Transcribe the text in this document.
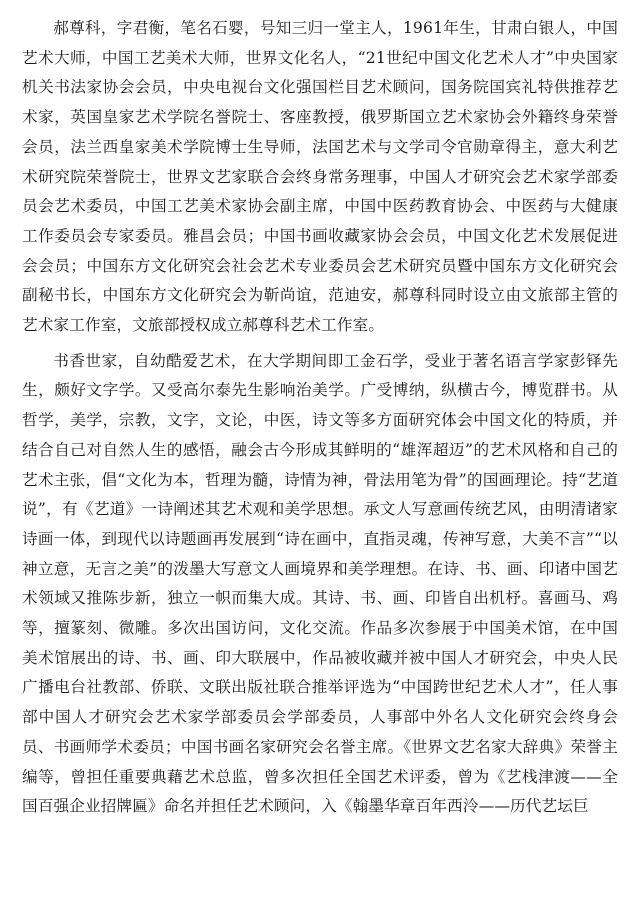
郝尊科，字君衡，笔名石婴，号知三归一堂主人，1961年生，甘肃白银人，中国艺术大师，中国工艺美术大师，世界文化名人，“21世纪中国文化艺术人才”中央国家机关书法家协会会员，中央电视台文化强国栏目艺术顾问，国务院国宾礼特供推荐艺术家，英国皇家艺术学院名誉院士、客座教授，俄罗斯国立艺术家协会外籍终身荣誉会员，法兰西皇家美术学院博士生导师，法国艺术与文学司令官勋章得主，意大利艺术研究院荣誉院士，世界文艺家联合会终身常务理事，中国人才研究会艺术家学部委员会艺术委员，中国工艺美术家协会副主席，中国中医药教育协会、中医药与大健康工作委员会专家委员。雅昌会员；中国书画收藏家协会会员，中国文化艺术发展促进会会员；中国东方文化研究会社会艺术专业委员会艺术研究员暨中国东方文化研究会副秘书长，中国东方文化研究会为靳尚谊，范迪安，郝尊科同时设立由文旅部主管的艺术家工作室，文旅部授权成立郝尊科艺术工作室。

书香世家，自幼酷爱艺术，在大学期间即工金石学，受业于著名语言学家彭铎先生，颇好文字学。又受高尔泰先生影响治美学。广受博纳，纵横古今，博览群书。从哲学，美学，宗教，文字，文论，中医，诗文等多方面研究体会中国文化的特质，并结合自己对自然人生的感悟，融会古今形成其鲜明的“雄浑超迈”的艺术风格和自己的艺术主张，倡“文化为本，哲理为髓，诗情为神，骨法用笔为骨”的国画理论。持“艺道说”，有《艺道》一诗阐述其艺术观和美学思想。承文人写意画传统艺风，由明清诸家诗画一体，到现代以诗题画再发展到“诗在画中，直指灵魂，传神写意，大美不言”“以神立意，无言之美”的泼墨大写意文人画境界和美学理想。在诗、书、画、印诸中国艺术领域又推陈步新，独立一帜而集大成。其诗、书、画、印皆自出机杼。喜画马、鸡等，擅篆刻、微雕。多次出国访问，文化交流。作品多次参展于中国美术馆，在中国美术馆展出的诗、书、画、印大联展中，作品被收藏并被中国人才研究会，中央人民广播电台社教部、侨联、文联出版社联合推举评选为“中国跨世纪艺术人才”，任人事部中国人才研究会艺术家学部委员会学部委员，人事部中外名人文化研究会终身会员、书画师学术委员；中国书画名家研究会名誉主席。《世界文艺名家大辞典》荣誉主编等，曾担任重要典藉艺术总监，曾多次担任全国艺术评委，曾为《艺栈津渡——全国百强企业招牌匾》命名并担任艺术顾问，入《翰墨华章百年西泠——历代艺坛巨
